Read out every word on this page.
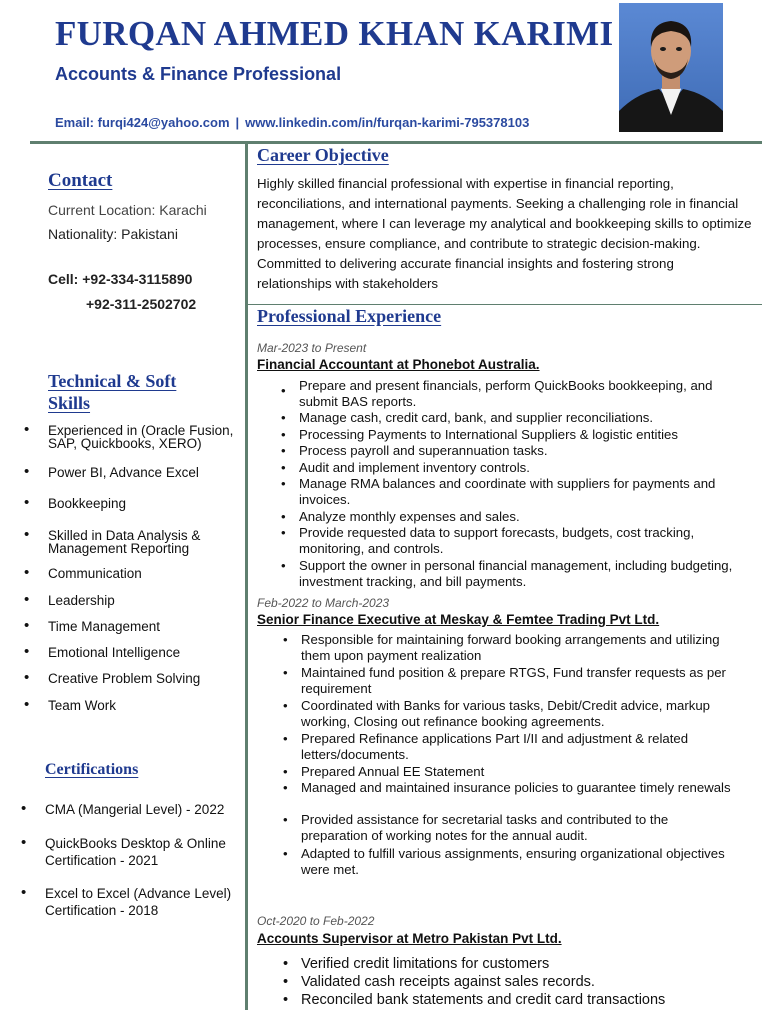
FURQAN AHMED KHAN KARIMI
Accounts & Finance Professional
Email: furqi424@yahoo.com | www.linkedin.com/in/furqan-karimi-795378103
Contact
Current Location: Karachi
Nationality: Pakistani
Cell: +92-334-3115890
+92-311-2502702
Technical & Soft
Skills
• Experienced in (Oracle Fusion, SAP, Quickbooks, XERO)
• Power BI, Advance Excel
• Bookkeeping
• Skilled in Data Analysis & Management Reporting
• Communication
• Leadership
• Time Management
• Emotional Intelligence
• Creative Problem Solving
• Team Work
Certifications
• CMA (Mangerial Level) - 2022
• QuickBooks Desktop & Online Certification - 2021
• Excel to Excel (Advance Level) Certification - 2018
Career Objective
Highly skilled financial professional with expertise in financial reporting, reconciliations, and international payments. Seeking a challenging role in financial management, where I can leverage my analytical and bookkeeping skills to optimize processes, ensure compliance, and contribute to strategic decision-making. Committed to delivering accurate financial insights and fostering strong relationships with stakeholders
Professional Experience
Mar-2023 to Present
Financial Accountant at Phonebot Australia.
• Prepare and present financials, perform QuickBooks bookkeeping, and submit BAS reports.
• Manage cash, credit card, bank, and supplier reconciliations.
• Processing Payments to International Suppliers & logistic entities
• Process payroll and superannuation tasks.
• Audit and implement inventory controls.
• Manage RMA balances and coordinate with suppliers for payments and invoices.
• Analyze monthly expenses and sales.
• Provide requested data to support forecasts, budgets, cost tracking, monitoring, and controls.
• Support the owner in personal financial management, including budgeting, investment tracking, and bill payments.
Feb-2022 to March-2023
Senior Finance Executive at Meskay & Femtee Trading Pvt Ltd.
• Responsible for maintaining forward booking arrangements and utilizing them upon payment realization
• Maintained fund position & prepare RTGS, Fund transfer requests as per requirement
• Coordinated with Banks for various tasks, Debit/Credit advice, markup working, Closing out refinance booking agreements.
• Prepared Refinance applications Part I/II and adjustment & related letters/documents.
• Prepared Annual EE Statement
• Managed and maintained insurance policies to guarantee timely renewals
• Provided assistance for secretarial tasks and contributed to the preparation of working notes for the annual audit.
• Adapted to fulfill various assignments, ensuring organizational objectives were met.
Oct-2020 to Feb-2022
Accounts Supervisor at Metro Pakistan Pvt Ltd.
• Verified credit limitations for customers
• Validated cash receipts against sales records.
• Reconciled bank statements and credit card transactions
